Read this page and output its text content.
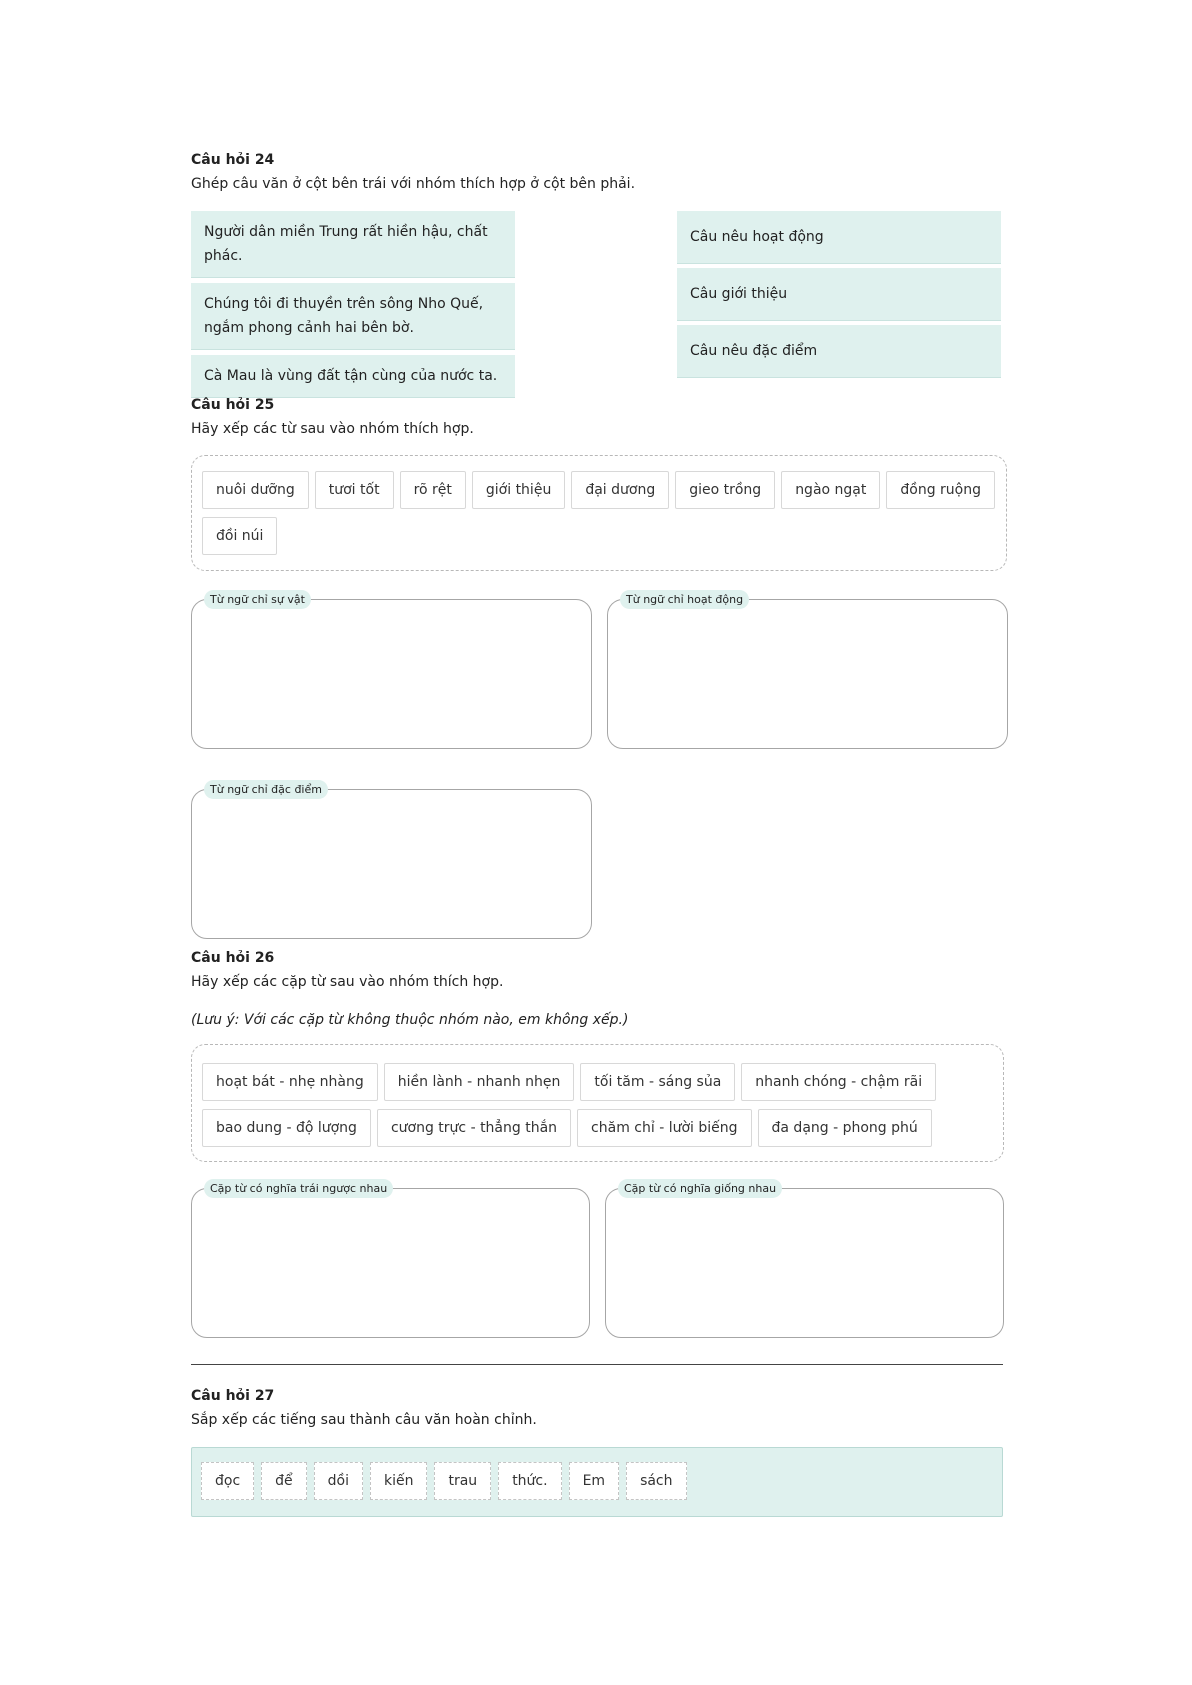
Câu hỏi 24
Ghép câu văn ở cột bên trái với nhóm thích hợp ở cột bên phải.
Người dân miền Trung rất hiền hậu, chất phác.
Chúng tôi đi thuyền trên sông Nho Quế, ngắm phong cảnh hai bên bờ.
Cà Mau là vùng đất tận cùng của nước ta.
Câu nêu hoạt động
Câu giới thiệu
Câu nêu đặc điểm
Câu hỏi 25
Hãy xếp các từ sau vào nhóm thích hợp.
nuôi dưỡng	tươi tốt	rõ rệt	giới thiệu	đại dương	gieo trồng	ngào ngạt	đồng ruộng
đồi núi
Từ ngữ chỉ sự vật	Từ ngữ chỉ hoạt động
Từ ngữ chỉ đặc điểm
Câu hỏi 26
Hãy xếp các cặp từ sau vào nhóm thích hợp.
(Lưu ý: Với các cặp từ không thuộc nhóm nào, em không xếp.)
hoạt bát - nhẹ nhàng	hiền lành - nhanh nhẹn	tối tăm - sáng sủa	nhanh chóng - chậm rãi
bao dung - độ lượng	cương trực - thẳng thắn	chăm chỉ - lười biếng	đa dạng - phong phú
Cặp từ có nghĩa trái ngược nhau	Cặp từ có nghĩa giống nhau
Câu hỏi 27
Sắp xếp các tiếng sau thành câu văn hoàn chỉnh.
đọc	để	dồi	kiến	trau	thức.	Em	sách
